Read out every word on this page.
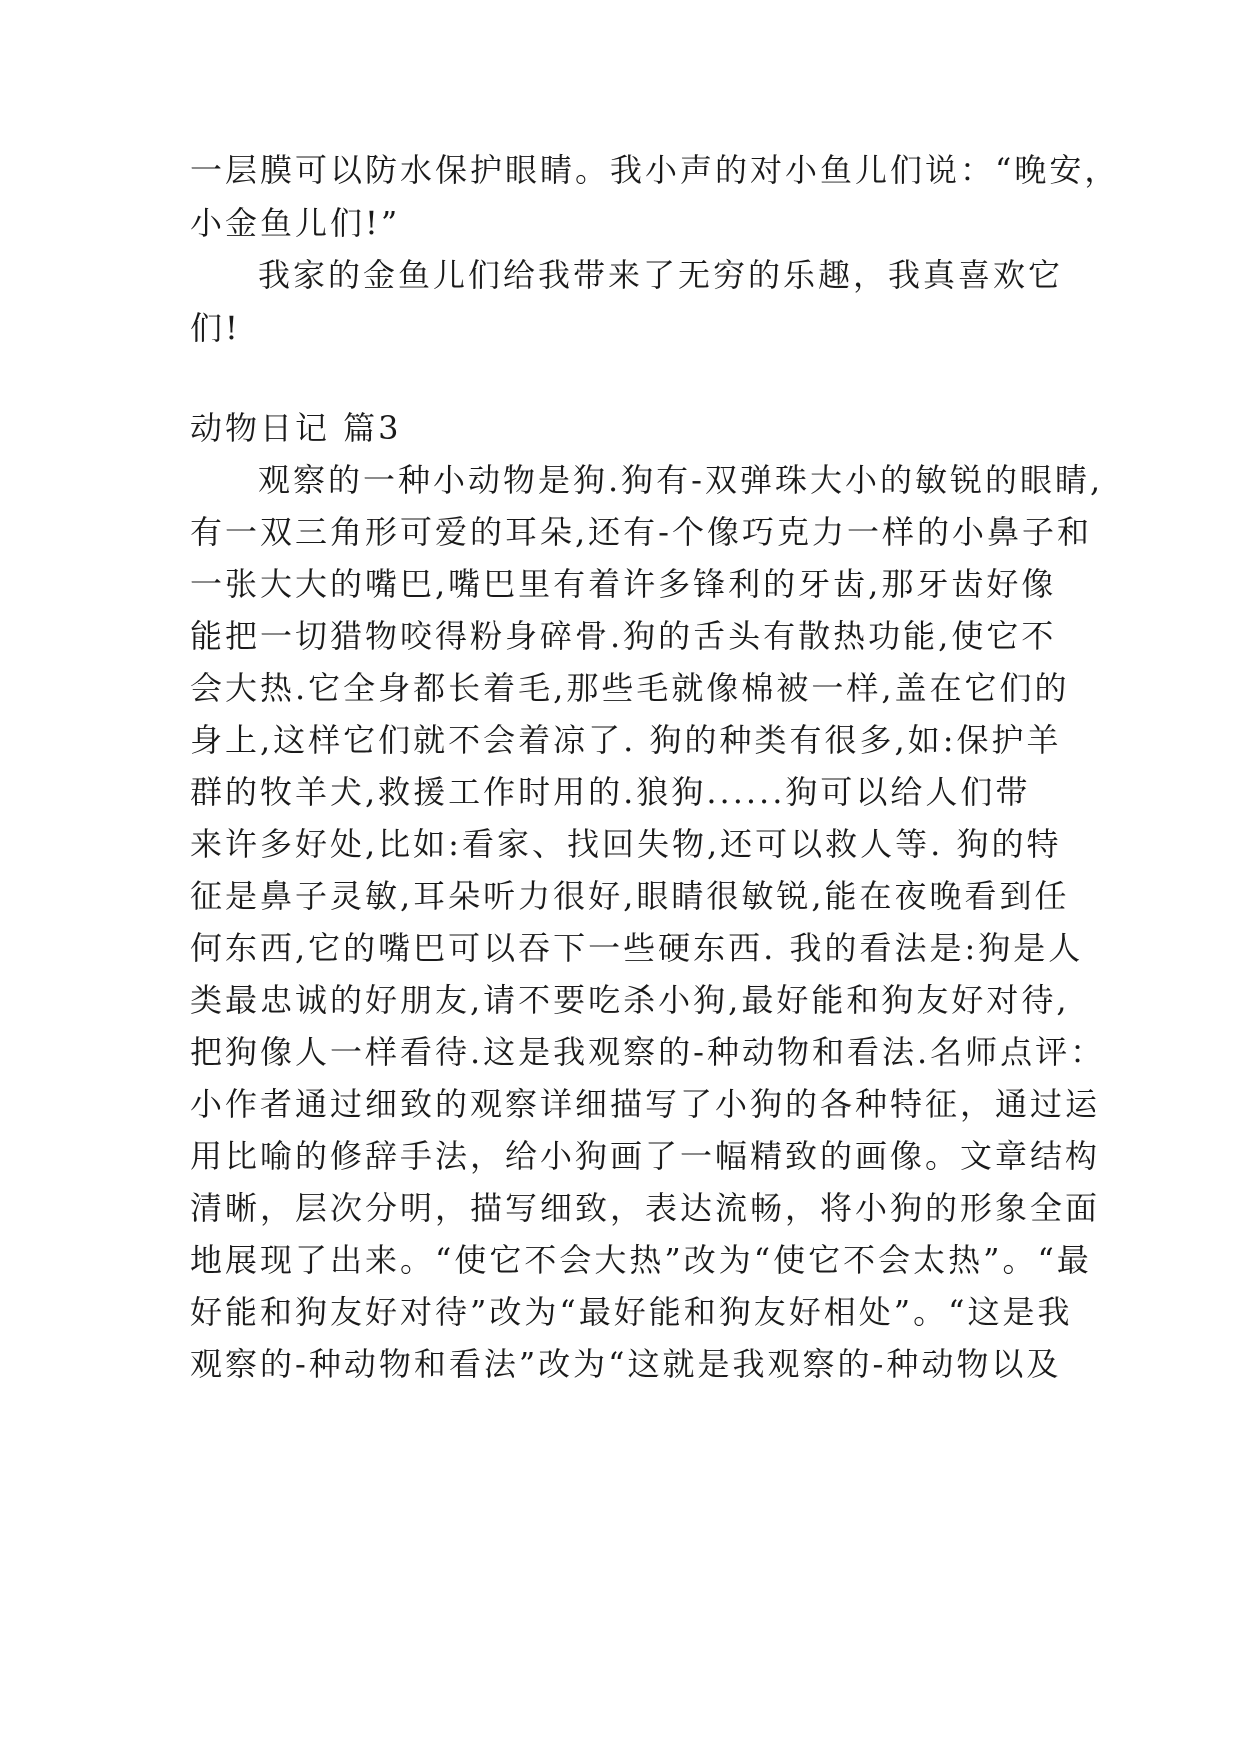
一层膜可以防水保护眼睛。我小声的对小鱼儿们说：“晚安，
小金鱼儿们!”
我家的金鱼儿们给我带来了无穷的乐趣，我真喜欢它
们!
动物日记 篇3
观察的一种小动物是狗.狗有-双弹珠大小的敏锐的眼睛,
有一双三角形可爱的耳朵,还有-个像巧克力一样的小鼻子和
一张大大的嘴巴,嘴巴里有着许多锋利的牙齿,那牙齿好像
能把一切猎物咬得粉身碎骨.狗的舌头有散热功能,使它不
会大热.它全身都长着毛,那些毛就像棉被一样,盖在它们的
身上,这样它们就不会着凉了. 狗的种类有很多,如:保护羊
群的牧羊犬,救援工作时用的.狼狗......狗可以给人们带
来许多好处,比如:看家、找回失物,还可以救人等. 狗的特
征是鼻子灵敏,耳朵听力很好,眼睛很敏锐,能在夜晚看到任
何东西,它的嘴巴可以吞下一些硬东西. 我的看法是:狗是人
类最忠诚的好朋友,请不要吃杀小狗,最好能和狗友好对待,
把狗像人一样看待.这是我观察的-种动物和看法.名师点评：
小作者通过细致的观察详细描写了小狗的各种特征，通过运
用比喻的修辞手法，给小狗画了一幅精致的画像。文章结构
清晰，层次分明，描写细致，表达流畅，将小狗的形象全面
地展现了出来。“使它不会大热”改为“使它不会太热”。“最
好能和狗友好对待”改为“最好能和狗友好相处”。“这是我
观察的-种动物和看法”改为“这就是我观察的-种动物以及
